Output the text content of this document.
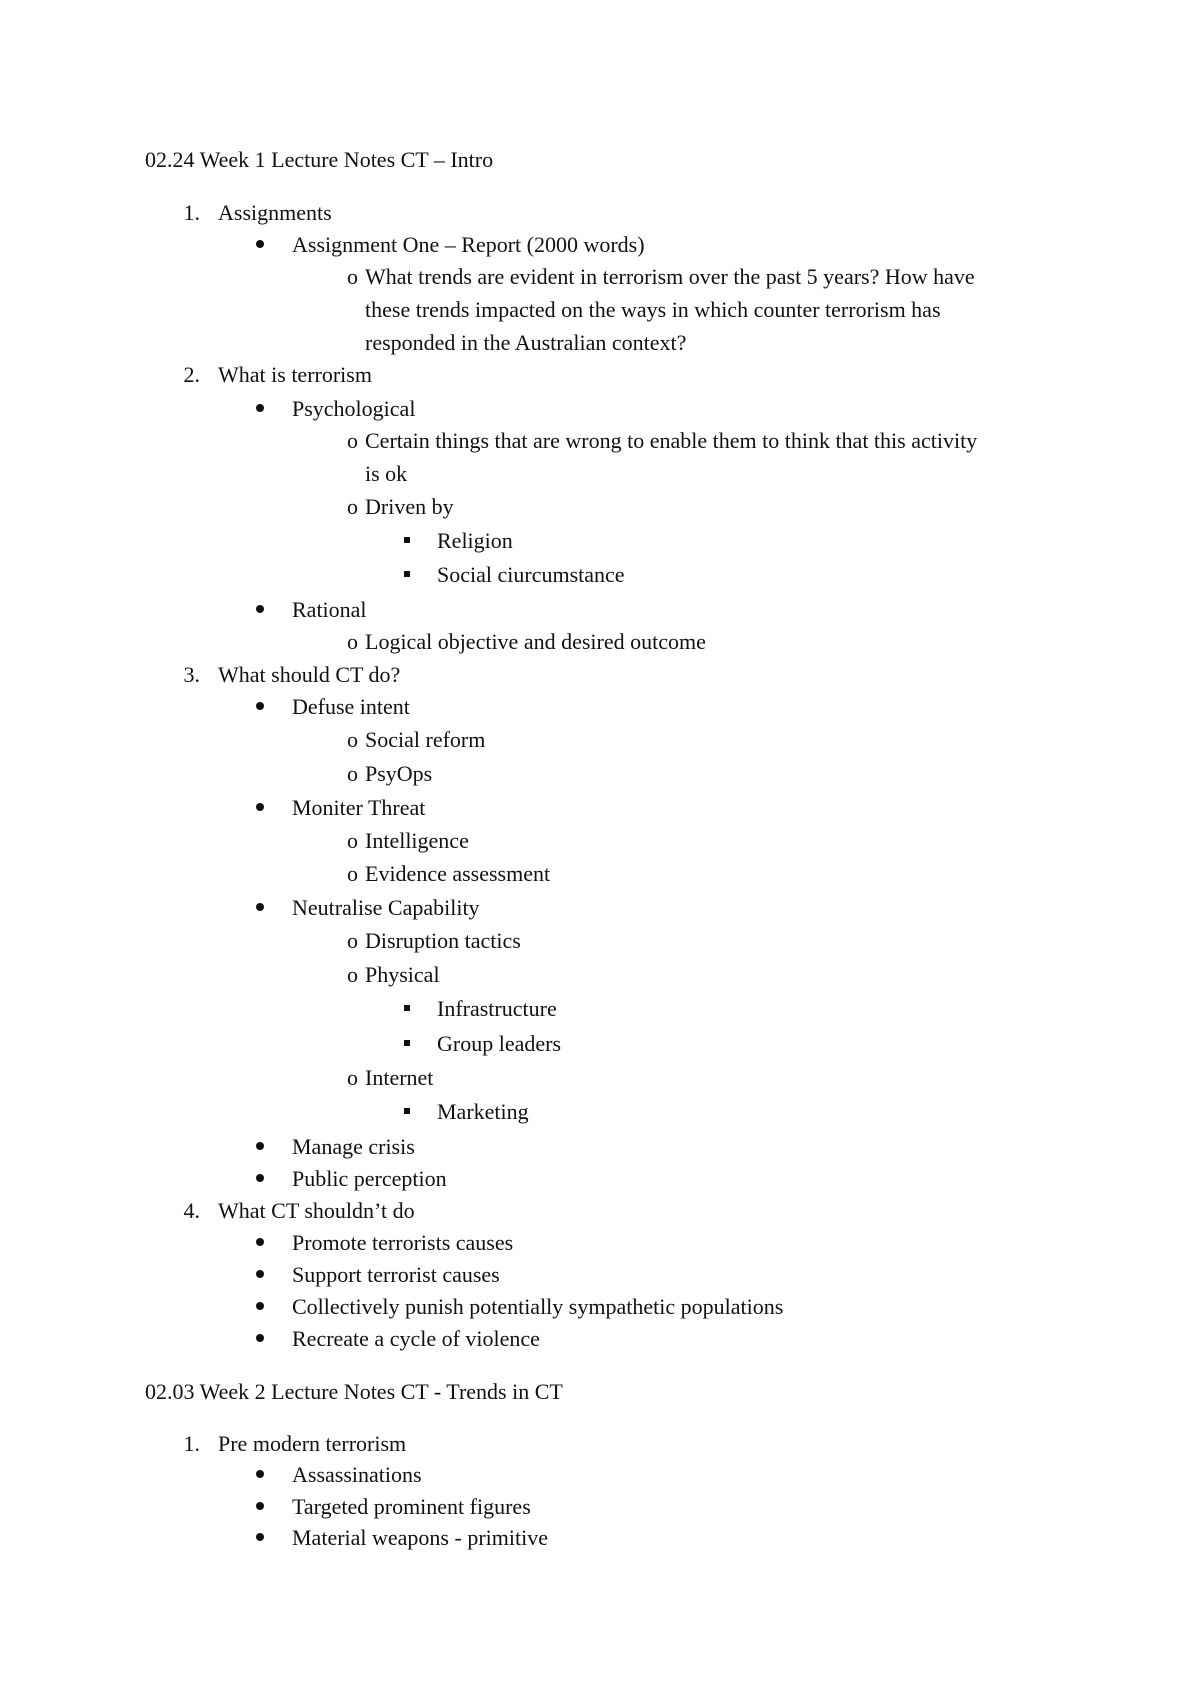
02.24 Week 1 Lecture Notes CT – Intro
1. Assignments
Assignment One – Report (2000 words)
o What trends are evident in terrorism over the past 5 years? How have
these trends impacted on the ways in which counter terrorism has
responded in the Australian context?
2. What is terrorism
Psychological
o Certain things that are wrong to enable them to think that this activity
is ok
o Driven by
Religion
Social ciurcumstance
Rational
o Logical objective and desired outcome
3. What should CT do?
Defuse intent
o Social reform
o PsyOps
Moniter Threat
o Intelligence
o Evidence assessment
Neutralise Capability
o Disruption tactics
o Physical
Infrastructure
Group leaders
o Internet
Marketing
Manage crisis
Public perception
4. What CT shouldn’t do
Promote terrorists causes
Support terrorist causes
Collectively punish potentially sympathetic populations
Recreate a cycle of violence
02.03 Week 2 Lecture Notes CT - Trends in CT
1. Pre modern terrorism
Assassinations
Targeted prominent figures
Material weapons - primitive
